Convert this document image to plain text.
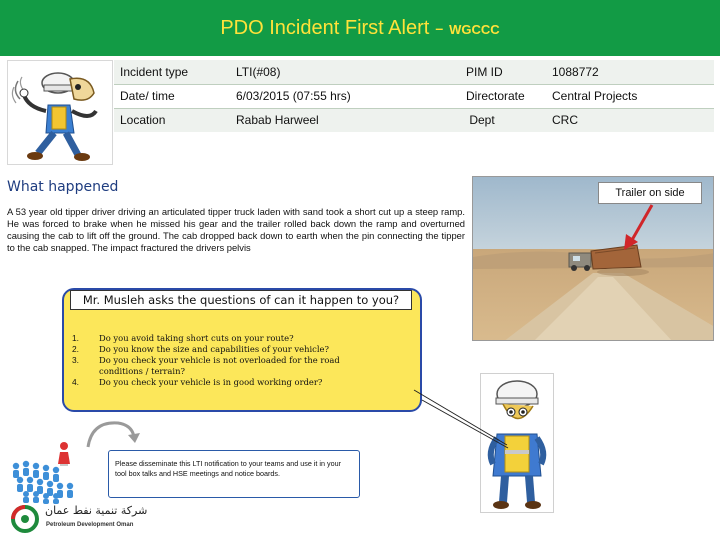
PDO Incident First Alert – WGCCC
Incident type	LTI(#08)	PIM ID	1088772
Date/ time	6/03/2015 (07:55 hrs)	Directorate	Central Projects
Location	Rabab Harweel	Dept	CRC
What happened
A 53 year old tipper driver driving an articulated tipper truck laden with sand took a short cut up a steep ramp. He was forced to brake when he missed his gear and the trailer rolled back down the ramp and overturned causing the cab to lift off the ground. The cab dropped back down to earth when the pin connecting the tipper to the cab snapped. The impact fractured the drivers pelvis
Trailer on side
Mr. Musleh asks the questions of can it happen to you?
1.	Do you avoid taking short cuts on your route?
2.	Do you know the size and capabilities of your vehicle?
3.	Do you check your vehicle is not overloaded for the road conditions / terrain?
4.	Do you check your vehicle is in good working order?
Please disseminate this LTI notification to your teams and use it in your tool box talks and HSE meetings and notice boards.
شركة تنمية نفط عمان
Petroleum Development Oman
